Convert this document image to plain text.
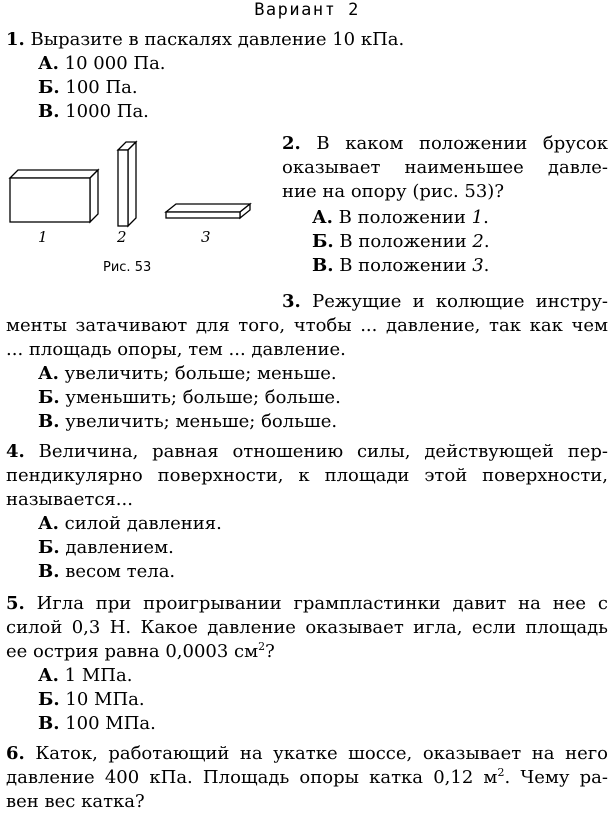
Вариант 2
1. Выразите в паскалях давление 10 кПа.
А. 10 000 Па.
Б. 100 Па.
В. 1000 Па.
1	2	3
Рис. 53
2. В каком положении брусок
оказывает наименьшее давле-
ние на опору (рис. 53)?
А. В положении 1.
Б. В положении 2.
В. В положении 3.
3. Режущие и колющие инстру-
менты затачивают для того, чтобы ... давление, так как чем
... площадь опоры, тем ... давление.
А. увеличить; больше; меньше.
Б. уменьшить; больше; больше.
В. увеличить; меньше; больше.
4. Величина, равная отношению силы, действующей пер-
пендикулярно поверхности, к площади этой поверхности,
называется...
А. силой давления.
Б. давлением.
В. весом тела.
5. Игла при проигрывании грампластинки давит на нее с
силой 0,3 Н. Какое давление оказывает игла, если площадь
ее острия равна 0,0003 $см^2$?
А. 1 МПа.
Б. 10 МПа.
В. 100 МПа.
6. Каток, работающий на укатке шоссе, оказывает на него
давление 400 кПа. Площадь опоры катка 0,12 $м^2$. Чему ра-
вен вес катка?
